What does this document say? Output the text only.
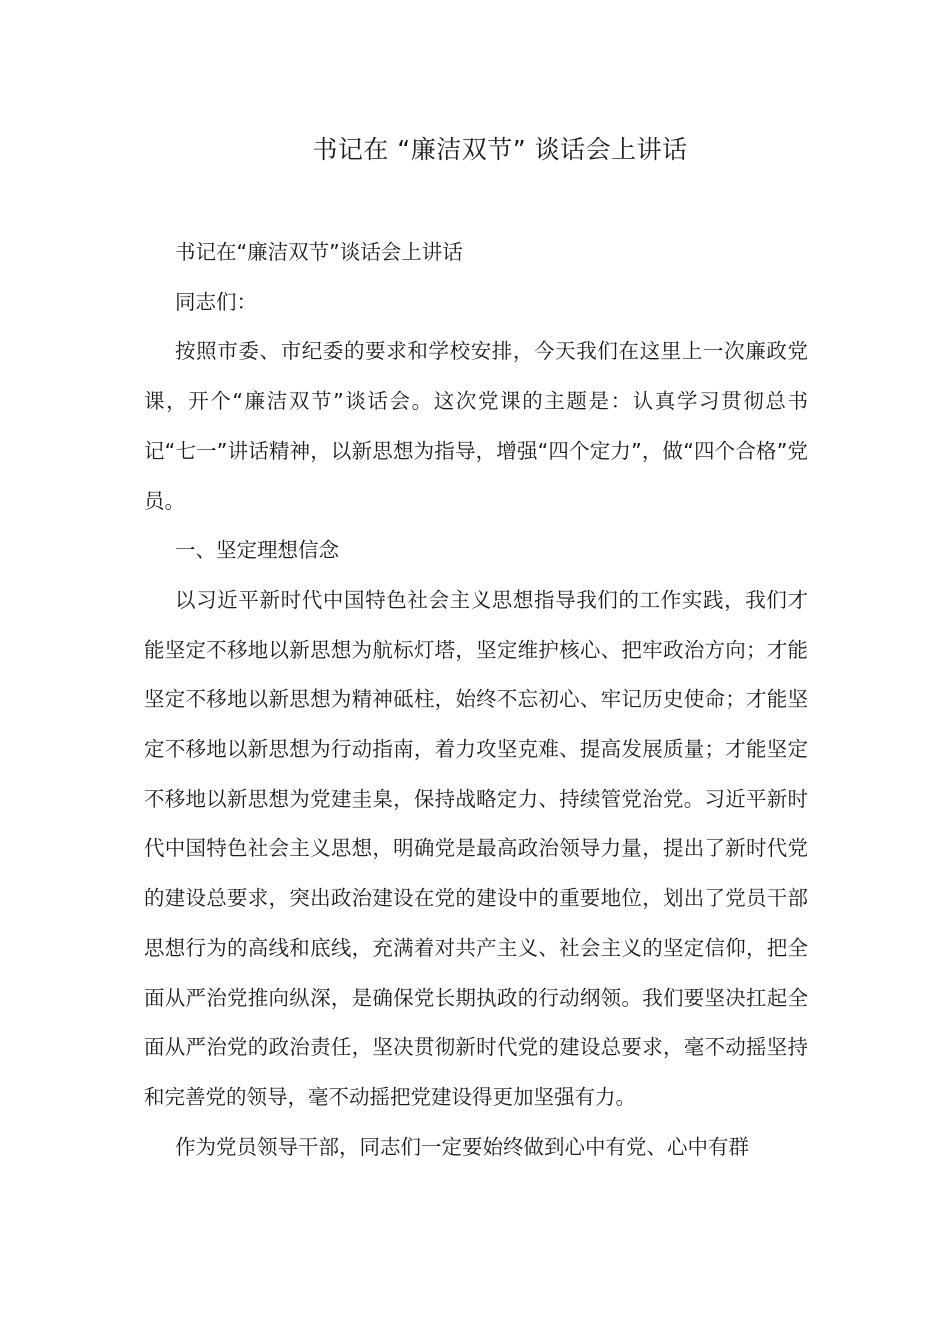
书记在 “廉洁双节” 谈话会上讲话

书记在“廉洁双节”谈话会上讲话

同志们：

按照市委、市纪委的要求和学校安排，今天我们在这里上一次廉政党课，开个“廉洁双节”谈话会。这次党课的主题是：认真学习贯彻总书记“七一”讲话精神，以新思想为指导，增强“四个定力”，做“四个合格”党员。

一、坚定理想信念

以习近平新时代中国特色社会主义思想指导我们的工作实践，我们才能坚定不移地以新思想为航标灯塔，坚定维护核心、把牢政治方向；才能坚定不移地以新思想为精神砥柱，始终不忘初心、牢记历史使命；才能坚定不移地以新思想为行动指南，着力攻坚克难、提高发展质量；才能坚定不移地以新思想为党建圭臬，保持战略定力、持续管党治党。习近平新时代中国特色社会主义思想，明确党是最高政治领导力量，提出了新时代党的建设总要求，突出政治建设在党的建设中的重要地位，划出了党员干部思想行为的高线和底线，充满着对共产主义、社会主义的坚定信仰，把全面从严治党推向纵深，是确保党长期执政的行动纲领。我们要坚决扛起全面从严治党的政治责任，坚决贯彻新时代党的建设总要求，毫不动摇坚持和完善党的领导，毫不动摇把党建设得更加坚强有力。

作为党员领导干部，同志们一定要始终做到心中有党、心中有群
